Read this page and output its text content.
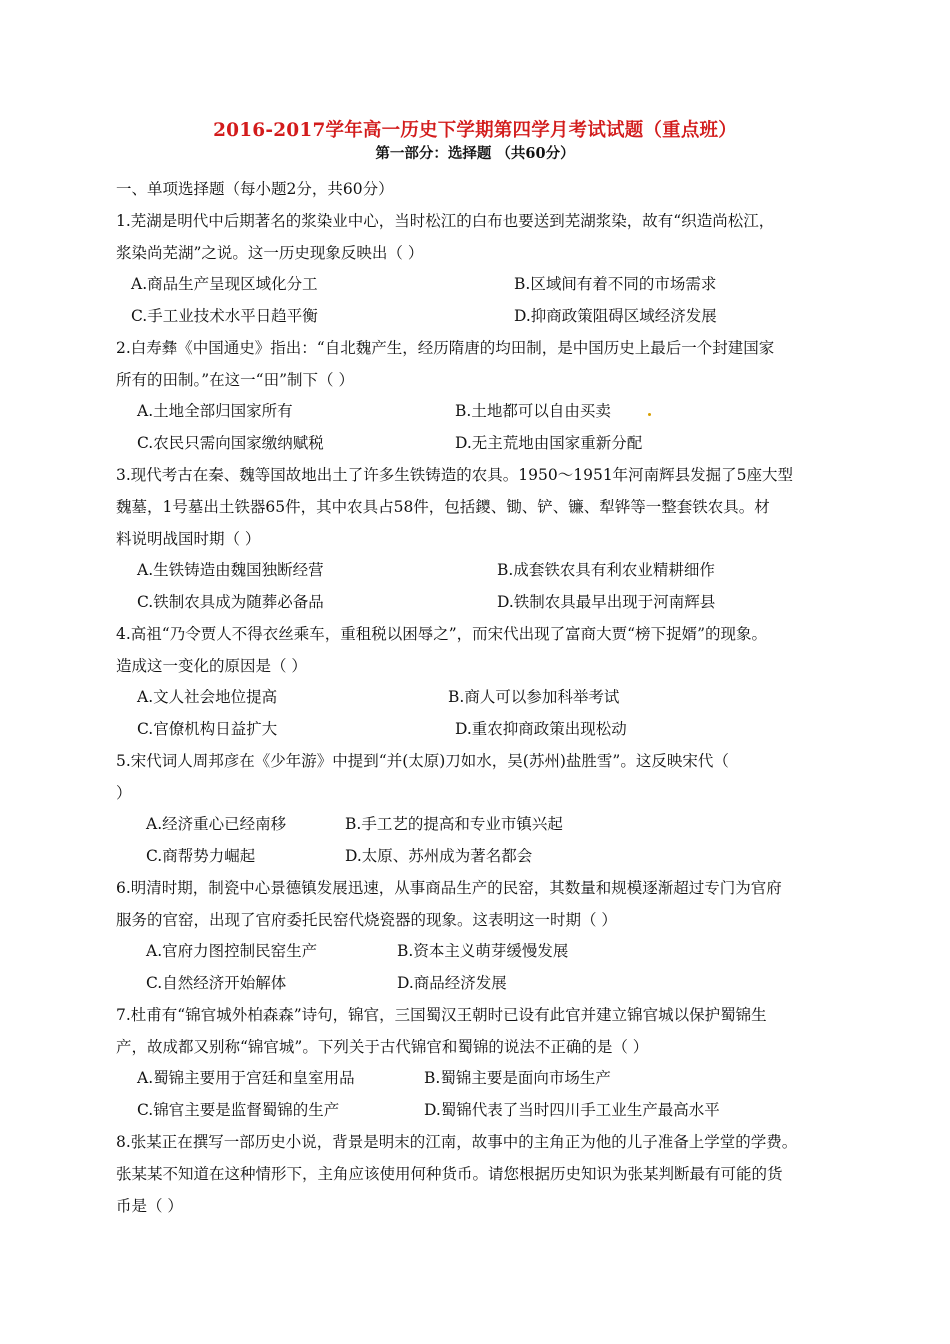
2016-2017学年高一历史下学期第四学月考试试题（重点班）
第一部分：选择题 （共60分）
一、单项选择题（每小题2分，共60分）
1.芜湖是明代中后期著名的浆染业中心，当时松江的白布也要送到芜湖浆染，故有“织造尚松江，
浆染尚芜湖”之说。这一历史现象反映出（ ）
A.商品生产呈现区域化分工	B.区域间有着不同的市场需求
C.手工业技术水平日趋平衡	D.抑商政策阻碍区域经济发展
2.白寿彝《中国通史》指出：“自北魏产生，经历隋唐的均田制，是中国历史上最后一个封建国家
所有的田制。”在这一“田”制下（ ）
A.土地全部归国家所有	B.土地都可以自由买卖
C.农民只需向国家缴纳赋税	D.无主荒地由国家重新分配
3.现代考古在秦、魏等国故地出土了许多生铁铸造的农具。1950～1951年河南辉县发掘了5座大型
魏墓，1号墓出土铁器65件，其中农具占58件，包括鑁、锄、铲、镰、犁铧等一整套铁农具。材
料说明战国时期（ ）
A.生铁铸造由魏国独断经营	B.成套铁农具有利农业精耕细作
C.铁制农具成为随葬必备品	D.铁制农具最早出现于河南辉县
4.高祖“乃令贾人不得衣丝乘车，重租税以困辱之”，而宋代出现了富商大贾“榜下捉婿”的现象。
造成这一变化的原因是（ ）
A.文人社会地位提高	B.商人可以参加科举考试
C.官僚机构日益扩大	D.重农抑商政策出现松动
5.宋代词人周邦彦在《少年游》中提到“并(太原)刀如水，吴(苏州)盐胜雪”。这反映宋代（
）
A.经济重心已经南移	B.手工艺的提高和专业市镇兴起
C.商帮势力崛起	D.太原、苏州成为著名都会
6.明清时期，制瓷中心景德镇发展迅速，从事商品生产的民窑，其数量和规模逐渐超过专门为官府
服务的官窑，出现了官府委托民窑代烧瓷器的现象。这表明这一时期（ ）
A.官府力图控制民窑生产	B.资本主义萌芽缓慢发展
C.自然经济开始解体	D.商品经济发展
7.杜甫有“锦官城外柏森森”诗句，锦官，三国蜀汉王朝时已设有此官并建立锦官城以保护蜀锦生
产，故成都又别称“锦官城”。下列关于古代锦官和蜀锦的说法不正确的是（ ）
A.蜀锦主要用于宫廷和皇室用品	B.蜀锦主要是面向市场生产
C.锦官主要是监督蜀锦的生产	D.蜀锦代表了当时四川手工业生产最高水平
8.张某正在撰写一部历史小说，背景是明末的江南，故事中的主角正为他的儿子准备上学堂的学费。
张某某不知道在这种情形下，主角应该使用何种货币。请您根据历史知识为张某判断最有可能的货
币是（ ）
